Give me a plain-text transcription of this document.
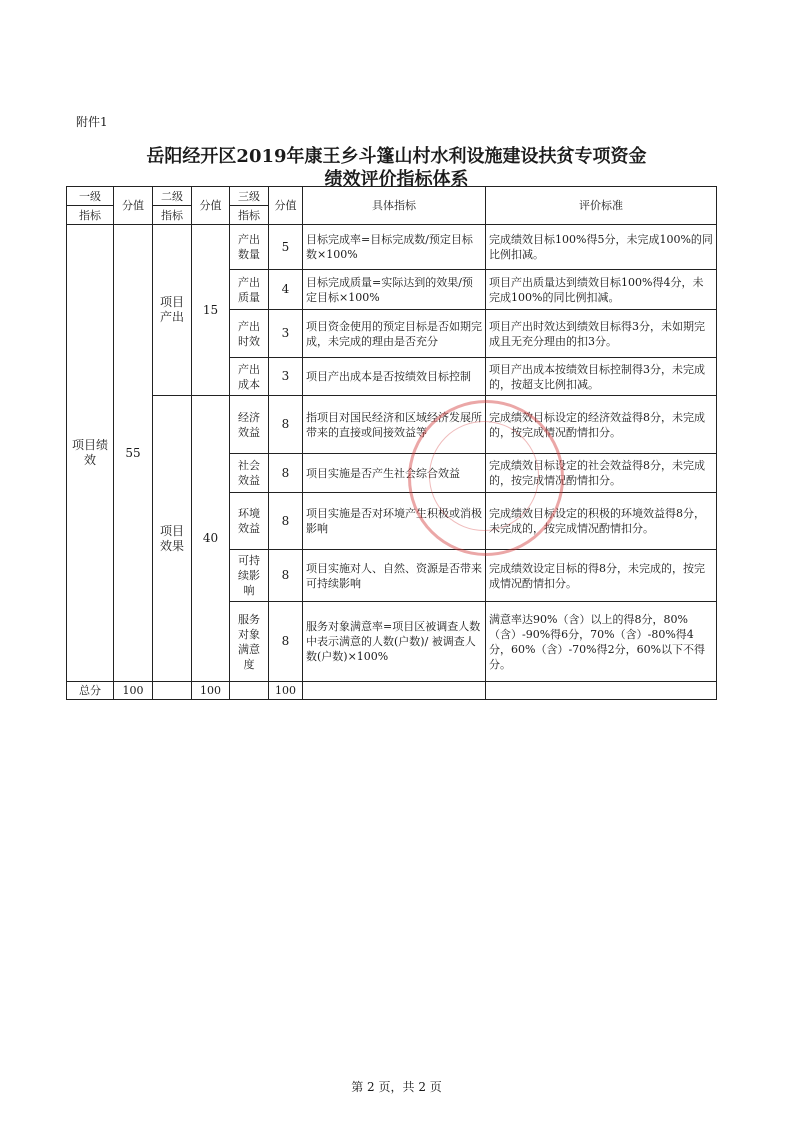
附件1
岳阳经开区2019年康王乡斗篷山村水利设施建设扶贫专项资金
绩效评价指标体系
一级	分值	二级	分值	三级	分值	具体指标	评价标准
指标		指标		指标			
项目绩效	55	项目产出	15	产出数量	5	目标完成率=目标完成数/预定目标数×100%	完成绩效目标100%得5分，未完成100%的同比例扣减。
				产出质量	4	目标完成质量=实际达到的效果/预定目标×100%	项目产出质量达到绩效目标100%得4分，未完成100%的同比例扣减。
				产出时效	3	项目资金使用的预定目标是否如期完成，未完成的理由是否充分	项目产出时效达到绩效目标得3分，未如期完成且无充分理由的扣3分。
				产出成本	3	项目产出成本是否按绩效目标控制	项目产出成本按绩效目标控制得3分，未完成的，按超支比例扣减。
		项目效果	40	经济效益	8	指项目对国民经济和区域经济发展所带来的直接或间接效益等	完成绩效目标设定的经济效益得8分，未完成的，按完成情况酌情扣分。
				社会效益	8	项目实施是否产生社会综合效益	完成绩效目标设定的社会效益得8分，未完成的，按完成情况酌情扣分。
				环境效益	8	项目实施是否对环境产生积极或消极影响	完成绩效目标设定的积极的环境效益得8分，未完成的，按完成情况酌情扣分。
				可持续影响	8	项目实施对人、自然、资源是否带来可持续影响	完成绩效设定目标的得8分，未完成的，按完成情况酌情扣分。
				服务对象满意度	8	服务对象满意率=项目区被调查人数中表示满意的人数(户数)/ 被调查人数(户数)×100%	满意率达90%（含）以上的得8分，80%（含）-90%得6分，70%（含）-80%得4分，60%（含）-70%得2分，60%以下不得分。
总分	100		100		100		
第 2 页，共 2 页
